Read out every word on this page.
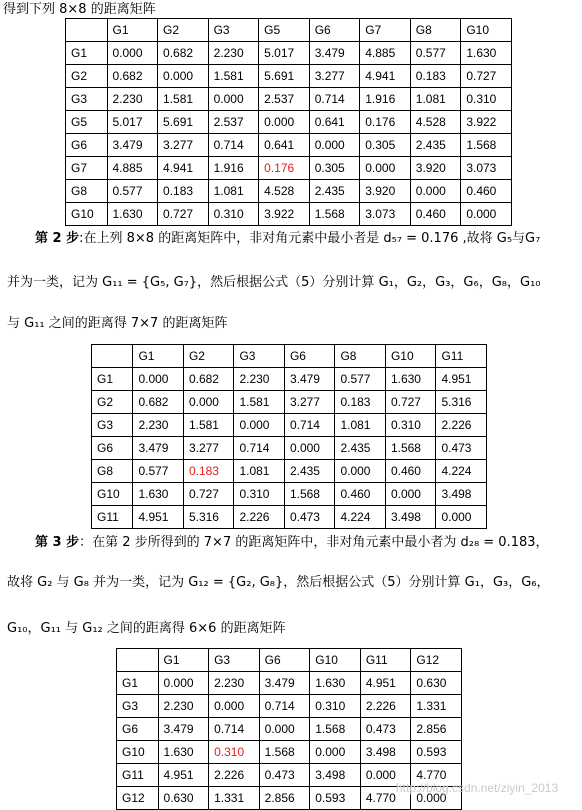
得到下列 8×8 的距离矩阵
	G1	G2	G3	G5	G6	G7	G8	G10
G1	0.000	0.682	2.230	5.017	3.479	4.885	0.577	1.630
G2	0.682	0.000	1.581	5.691	3.277	4.941	0.183	0.727
G3	2.230	1.581	0.000	2.537	0.714	1.916	1.081	0.310
G5	5.017	5.691	2.537	0.000	0.641	0.176	4.528	3.922
G6	3.479	3.277	0.714	0.641	0.000	0.305	2.435	1.568
G7	4.885	4.941	1.916	0.176	0.305	0.000	3.920	3.073
G8	0.577	0.183	1.081	4.528	2.435	3.920	0.000	0.460
G10	1.630	0.727	0.310	3.922	1.568	3.073	0.460	0.000
第 2 步:在上列 8×8 的距离矩阵中，非对角元素中最小者是 d₅₇ = 0.176 ,故将 G₅与G₇
并为一类，记为 G₁₁ = {G₅, G₇}，然后根据公式（5）分别计算 G₁，G₂，G₃，G₆，G₈，G₁₀
与 G₁₁ 之间的距离得 7×7 的距离矩阵
	G1	G2	G3	G6	G8	G10	G11
G1	0.000	0.682	2.230	3.479	0.577	1.630	4.951
G2	0.682	0.000	1.581	3.277	0.183	0.727	5.316
G3	2.230	1.581	0.000	0.714	1.081	0.310	2.226
G6	3.479	3.277	0.714	0.000	2.435	1.568	0.473
G8	0.577	0.183	1.081	2.435	0.000	0.460	4.224
G10	1.630	0.727	0.310	1.568	0.460	0.000	3.498
G11	4.951	5.316	2.226	0.473	4.224	3.498	0.000
第 3 步：在第 2 步所得到的 7×7 的距离矩阵中，非对角元素中最小者为 d₂₈ = 0.183，
故将 G₂ 与 G₈ 并为一类，记为 G₁₂ = {G₂, G₈}，然后根据公式（5）分别计算 G₁，G₃，G₆，
G₁₀，G₁₁ 与 G₁₂ 之间的距离得 6×6 的距离矩阵
	G1	G3	G6	G10	G11	G12
G1	0.000	2.230	3.479	1.630	4.951	0.630
G3	2.230	0.000	0.714	0.310	2.226	1.331
G6	3.479	0.714	0.000	1.568	0.473	2.856
G10	1.630	0.310	1.568	0.000	3.498	0.593
G11	4.951	2.226	0.473	3.498	0.000	4.770
G12	0.630	1.331	2.856	0.593	4.770	0.000
http://blog.csdn.net/ziyin_2013
